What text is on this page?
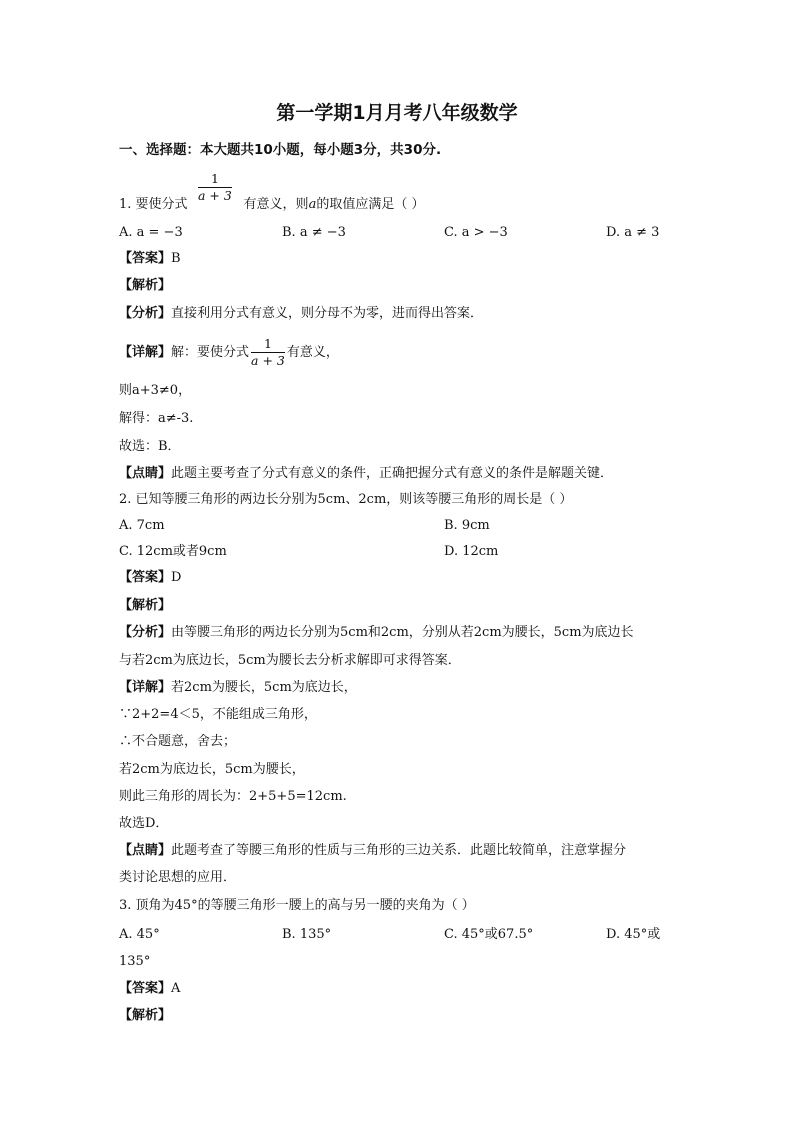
第一学期1月月考八年级数学
一、选择题：本大题共10小题，每小题3分，共30分.
$\frac{1}{a + 3}$
1. 要使分式	有意义，则a的取值应满足（ ）
A. a = −3	B. a ≠ −3	C. a > −3	D. a ≠ 3
【答案】B
【解析】
【分析】直接利用分式有意义，则分母不为零，进而得出答案．
【详解】解：要使分式 $\frac{1}{a + 3}$ 有意义，
则a+3≠0，
解得：a≠-3.
故选：B．
【点睛】此题主要考查了分式有意义的条件，正确把握分式有意义的条件是解题关键．
2. 已知等腰三角形的两边长分别为5cm、2cm，则该等腰三角形的周长是（ ）
A. 7cm	B. 9cm
C. 12cm或者9cm	D. 12cm
【答案】D
【解析】
【分析】由等腰三角形的两边长分别为5cm和2cm，分别从若2cm为腰长，5cm为底边长
与若2cm为底边长，5cm为腰长去分析求解即可求得答案．
【详解】若2cm为腰长，5cm为底边长，
∵2+2=4＜5，不能组成三角形，
∴不合题意，舍去；
若2cm为底边长，5cm为腰长，
则此三角形的周长为：2+5+5=12cm.
故选D．
【点睛】此题考查了等腰三角形的性质与三角形的三边关系．此题比较简单，注意掌握分
类讨论思想的应用．
3. 顶角为45°的等腰三角形一腰上的高与另一腰的夹角为（ ）
A. 45°	B. 135°	C. 45°或67.5°	D. 45°或
135°
【答案】A
【解析】
